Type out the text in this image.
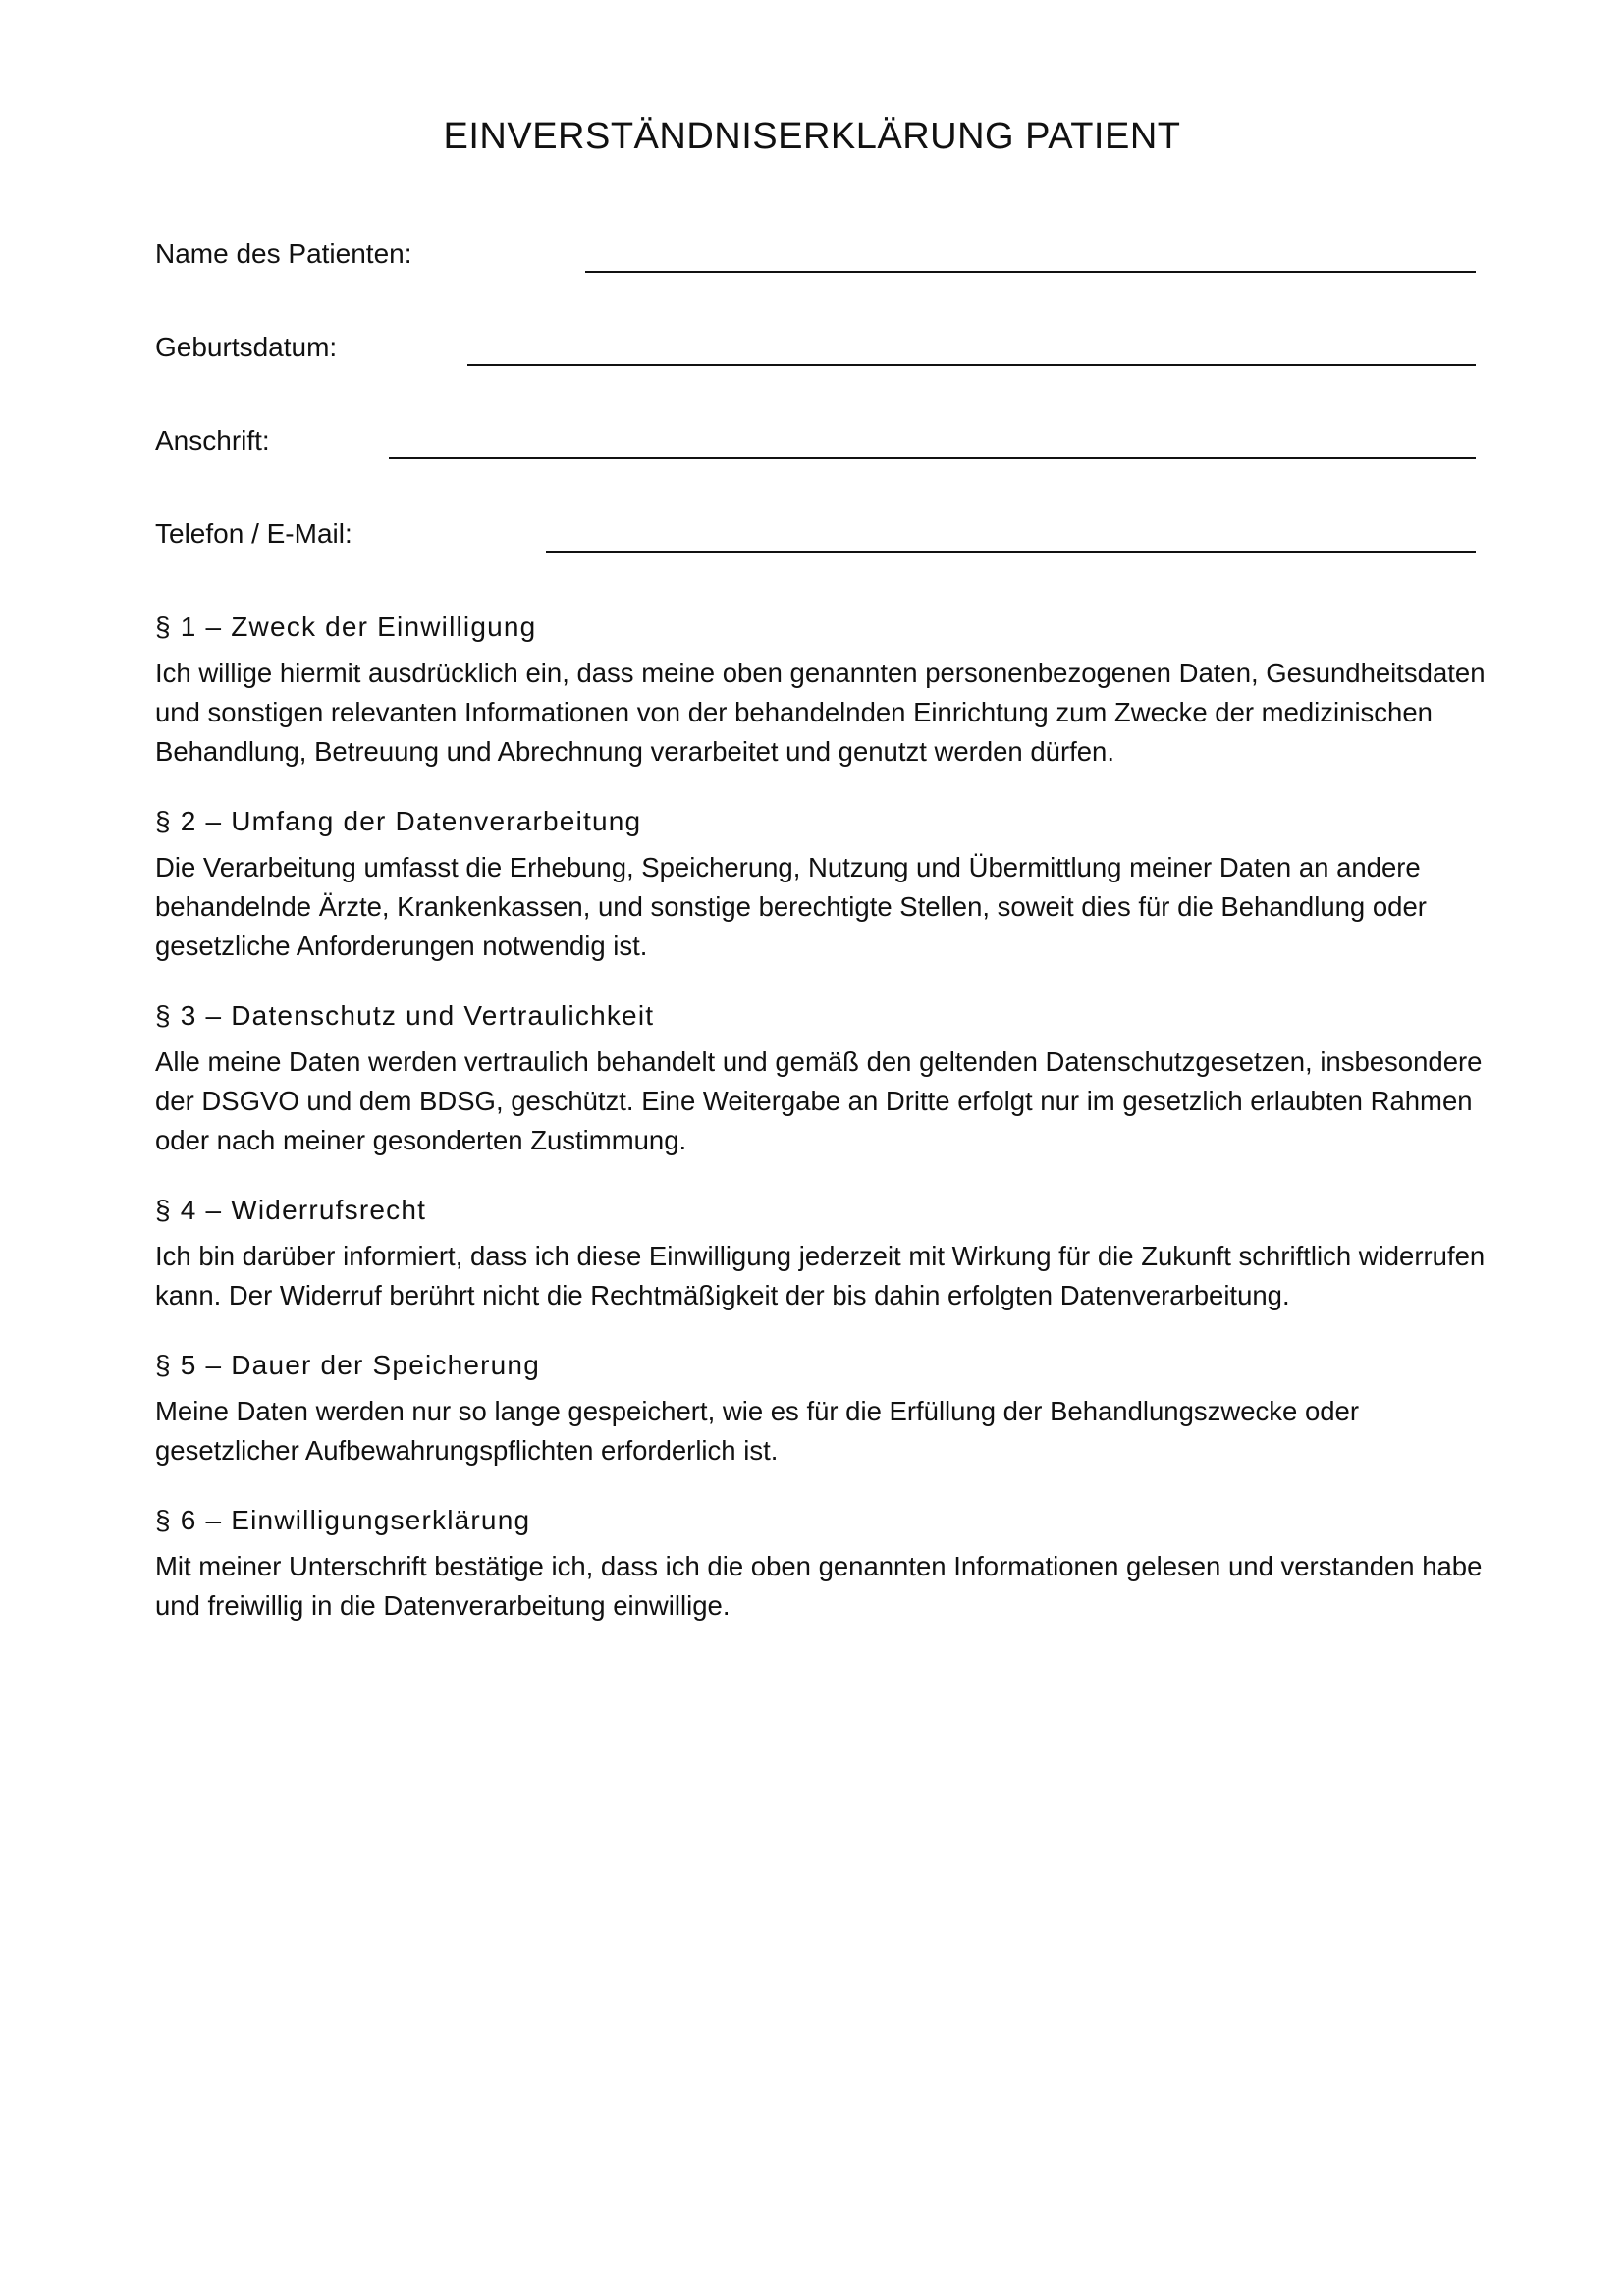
EINVERSTÄNDNISERKLÄRUNG PATIENT
Name des Patienten:
Geburtsdatum:
Anschrift:
Telefon / E-Mail:
§ 1 – Zweck der Einwilligung

Ich willige hiermit ausdrücklich ein, dass meine oben genannten personenbezogenen Daten, Gesundheitsdaten und sonstigen relevanten Informationen von der behandelnden Einrichtung zum Zwecke der medizinischen Behandlung, Betreuung und Abrechnung verarbeitet und genutzt werden dürfen.

§ 2 – Umfang der Datenverarbeitung

Die Verarbeitung umfasst die Erhebung, Speicherung, Nutzung und Übermittlung meiner Daten an andere behandelnde Ärzte, Krankenkassen, und sonstige berechtigte Stellen, soweit dies für die Behandlung oder gesetzliche Anforderungen notwendig ist.

§ 3 – Datenschutz und Vertraulichkeit

Alle meine Daten werden vertraulich behandelt und gemäß den geltenden Datenschutzgesetzen, insbesondere der DSGVO und dem BDSG, geschützt. Eine Weitergabe an Dritte erfolgt nur im gesetzlich erlaubten Rahmen oder nach meiner gesonderten Zustimmung.

§ 4 – Widerrufsrecht

Ich bin darüber informiert, dass ich diese Einwilligung jederzeit mit Wirkung für die Zukunft schriftlich widerrufen kann. Der Widerruf berührt nicht die Rechtmäßigkeit der bis dahin erfolgten Datenverarbeitung.

§ 5 – Dauer der Speicherung

Meine Daten werden nur so lange gespeichert, wie es für die Erfüllung der Behandlungszwecke oder gesetzlicher Aufbewahrungspflichten erforderlich ist.

§ 6 – Einwilligungserklärung

Mit meiner Unterschrift bestätige ich, dass ich die oben genannten Informationen gelesen und verstanden habe und freiwillig in die Datenverarbeitung einwillige.
